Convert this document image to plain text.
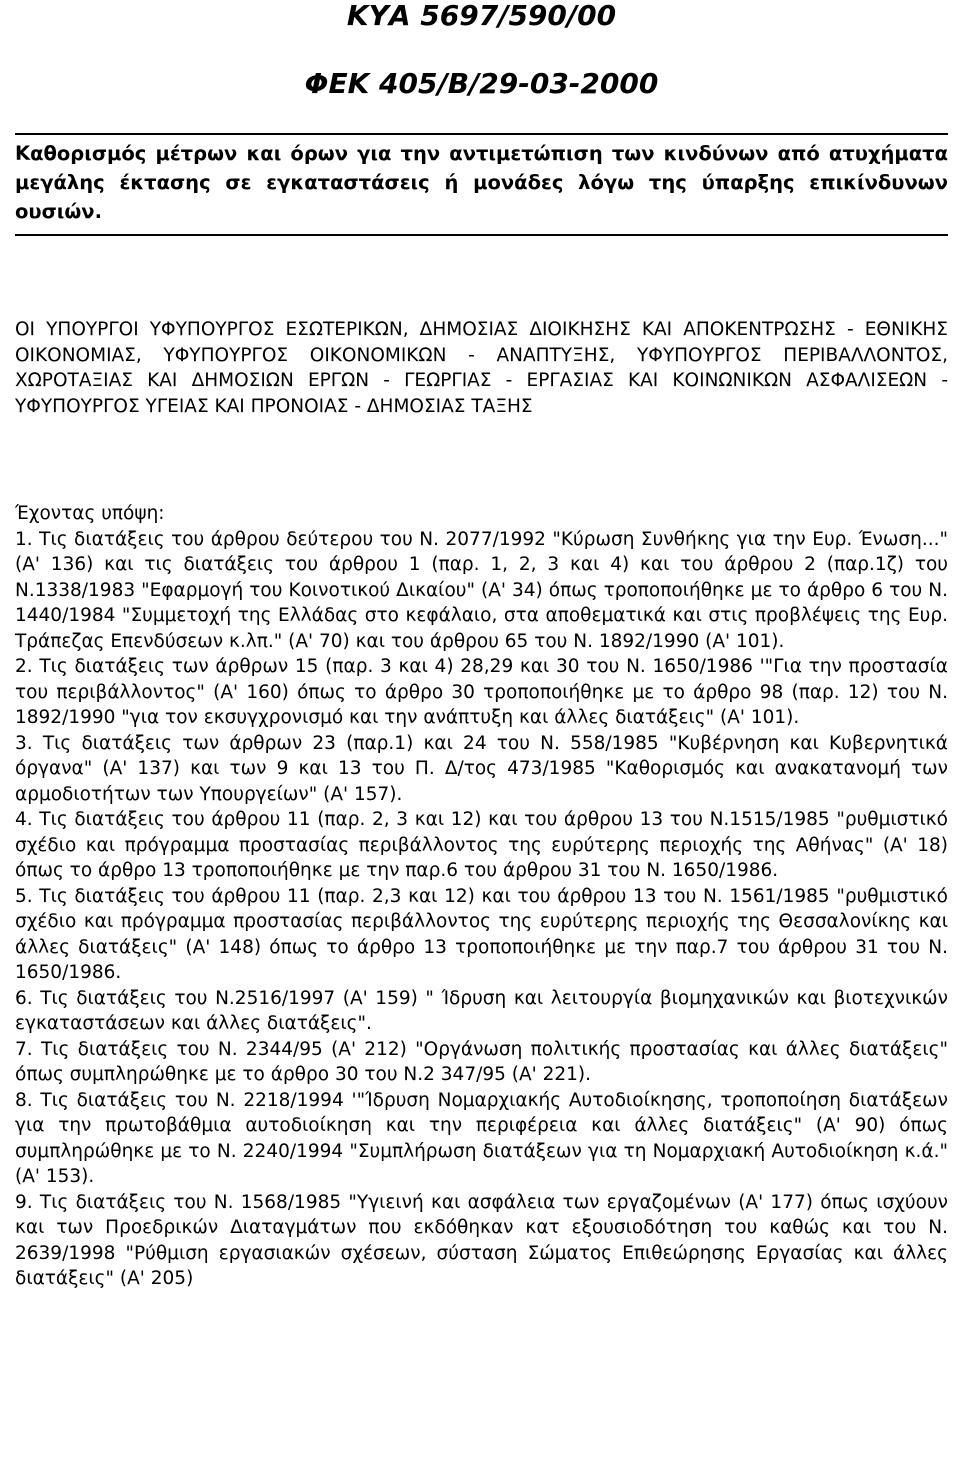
ΚΥΑ 5697/590/00
ΦΕΚ 405/Β/29-03-2000
Καθορισμός μέτρων και όρων για την αντιμετώπιση των κινδύνων από ατυχήματα μεγάλης έκτασης σε εγκαταστάσεις ή μονάδες λόγω της ύπαρξης επικίνδυνων ουσιών.
ΟΙ ΥΠΟΥΡΓΟΙ ΥΦΥΠΟΥΡΓΟΣ ΕΣΩΤΕΡΙΚΩΝ, ΔΗΜΟΣΙΑΣ ΔΙΟΙΚΗΣΗΣ ΚΑΙ ΑΠΟΚΕΝΤΡΩΣΗΣ - ΕΘΝΙΚΗΣ ΟΙΚΟΝΟΜΙΑΣ, ΥΦΥΠΟΥΡΓΟΣ ΟΙΚΟΝΟΜΙΚΩΝ - ΑΝΑΠΤΥΞΗΣ, ΥΦΥΠΟΥΡΓΟΣ ΠΕΡΙΒΑΛΛΟΝΤΟΣ, ΧΩΡΟΤΑΞΙΑΣ ΚΑΙ ΔΗΜΟΣΙΩΝ ΕΡΓΩΝ - ΓΕΩΡΓΙΑΣ - ΕΡΓΑΣΙΑΣ ΚΑΙ ΚΟΙΝΩΝΙΚΩΝ ΑΣΦΑΛΙΣΕΩΝ - ΥΦΥΠΟΥΡΓΟΣ ΥΓΕΙΑΣ ΚΑΙ ΠΡΟΝΟΙΑΣ - ΔΗΜΟΣΙΑΣ ΤΑΞΗΣ
Έχοντας υπόψη:
1. Τις διατάξεις του άρθρου δεύτερου του Ν. 2077/1992 "Κύρωση Συνθήκης για την Ευρ. Ένωση..." (Α' 136) και τις διατάξεις του άρθρου 1 (παρ. 1, 2, 3 και 4) και του άρθρου 2 (παρ.1ζ) του Ν.1338/1983 "Εφαρμογή του Κοινοτικού Δικαίου" (Α' 34) όπως τροποποιήθηκε με το άρθρο 6 του Ν. 1440/1984 "Συμμετοχή της Ελλάδας στο κεφάλαιο, στα αποθεματικά και στις προβλέψεις της Ευρ. Τράπεζας Επενδύσεων κ.λπ." (Α' 70) και του άρθρου 65 του Ν. 1892/1990 (Α' 101).
2. Τις διατάξεις των άρθρων 15 (παρ. 3 και 4) 28,29 και 30 του Ν. 1650/1986 '"Για την προστασία του περιβάλλοντος" (Α' 160) όπως το άρθρο 30 τροποποιήθηκε με το άρθρο 98 (παρ. 12) του Ν. 1892/1990 "για τον εκσυγχρονισμό και την ανάπτυξη και άλλες διατάξεις" (Α' 101).
3. Τις διατάξεις των άρθρων 23 (παρ.1) και 24 του Ν. 558/1985 "Κυβέρνηση και Κυβερνητικά όργανα" (Α' 137) και των 9 και 13 του Π. Δ/τος 473/1985 "Καθορισμός και ανακατανομή των αρμοδιοτήτων των Υπουργείων" (Α' 157).
4. Τις διατάξεις του άρθρου 11 (παρ. 2, 3 και 12) και του άρθρου 13 του Ν.1515/1985 "ρυθμιστικό σχέδιο και πρόγραμμα προστασίας περιβάλλοντος της ευρύτερης περιοχής της Αθήνας" (Α' 18) όπως το άρθρο 13 τροποποιήθηκε με την παρ.6 του άρθρου 31 του Ν. 1650/1986.
5. Τις διατάξεις του άρθρου 11 (παρ. 2,3 και 12) και του άρθρου 13 του Ν. 1561/1985 "ρυθμιστικό σχέδιο και πρόγραμμα προστασίας περιβάλλοντος της ευρύτερης περιοχής της Θεσσαλονίκης και άλλες διατάξεις" (Α' 148) όπως το άρθρο 13 τροποποιήθηκε με την παρ.7 του άρθρου 31 του Ν. 1650/1986.
6. Τις διατάξεις του Ν.2516/1997 (Α' 159) " Ίδρυση και λειτουργία βιομηχανικών και βιοτεχνικών εγκαταστάσεων και άλλες διατάξεις".
7. Τις διατάξεις του Ν. 2344/95 (Α' 212) "Οργάνωση πολιτικής προστασίας και άλλες διατάξεις" όπως συμπληρώθηκε με το άρθρο 30 του Ν.2 347/95 (Α' 221).
8. Τις διατάξεις του Ν. 2218/1994 '"Ίδρυση Νομαρχιακής Αυτοδιοίκησης, τροποποίηση διατάξεων για την πρωτοβάθμια αυτοδιοίκηση και την περιφέρεια και άλλες διατάξεις" (Α' 90) όπως συμπληρώθηκε με το Ν. 2240/1994 "Συμπλήρωση διατάξεων για τη Νομαρχιακή Αυτοδιοίκηση κ.ά." (Α' 153).
9. Τις διατάξεις του Ν. 1568/1985 "Υγιεινή και ασφάλεια των εργαζομένων (Α' 177) όπως ισχύουν και των Προεδρικών Διαταγμάτων που εκδόθηκαν κατ εξουσιοδότηση του καθώς και του Ν. 2639/1998 "Ρύθμιση εργασιακών σχέσεων, σύσταση Σώματος Επιθεώρησης Εργασίας και άλλες διατάξεις" (Α' 205)
